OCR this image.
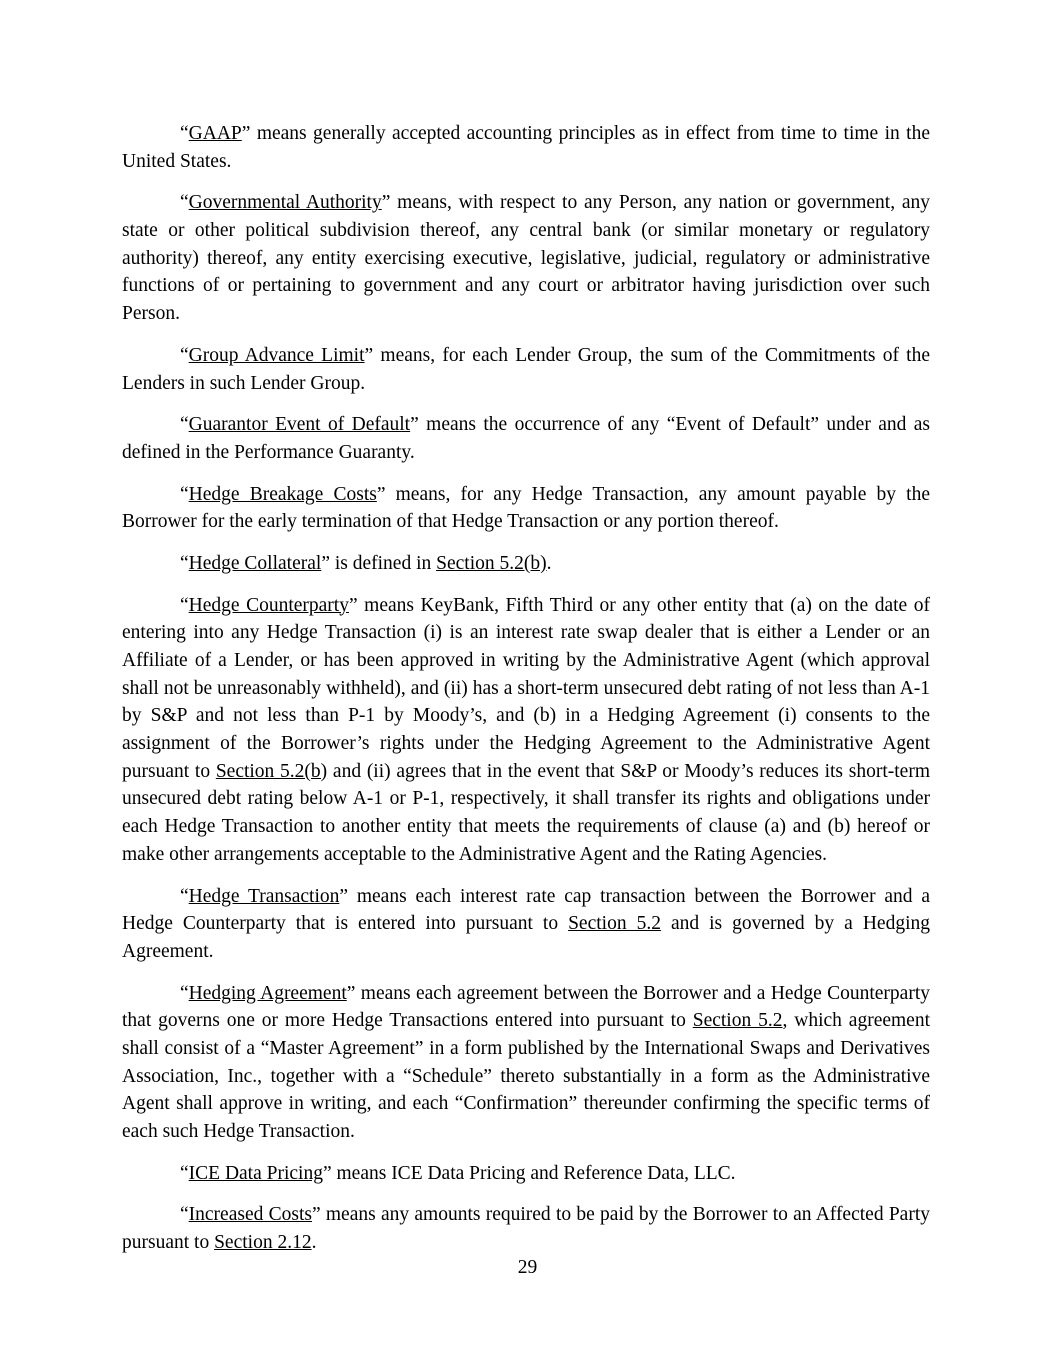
“GAAP” means generally accepted accounting principles as in effect from time to time in the United States.

“Governmental Authority” means, with respect to any Person, any nation or government, any state or other political subdivision thereof, any central bank (or similar monetary or regulatory authority) thereof, any entity exercising executive, legislative, judicial, regulatory or administrative functions of or pertaining to government and any court or arbitrator having jurisdiction over such Person.

“Group Advance Limit” means, for each Lender Group, the sum of the Commitments of the Lenders in such Lender Group.

“Guarantor Event of Default” means the occurrence of any “Event of Default” under and as defined in the Performance Guaranty.

“Hedge Breakage Costs” means, for any Hedge Transaction, any amount payable by the Borrower for the early termination of that Hedge Transaction or any portion thereof.

“Hedge Collateral” is defined in Section 5.2(b).

“Hedge Counterparty” means KeyBank, Fifth Third or any other entity that (a) on the date of entering into any Hedge Transaction (i) is an interest rate swap dealer that is either a Lender or an Affiliate of a Lender, or has been approved in writing by the Administrative Agent (which approval shall not be unreasonably withheld), and (ii) has a short-term unsecured debt rating of not less than A-1 by S&P and not less than P-1 by Moody’s, and (b) in a Hedging Agreement (i) consents to the assignment of the Borrower’s rights under the Hedging Agreement to the Administrative Agent pursuant to Section 5.2(b) and (ii) agrees that in the event that S&P or Moody’s reduces its short-term unsecured debt rating below A-1 or P-1, respectively, it shall transfer its rights and obligations under each Hedge Transaction to another entity that meets the requirements of clause (a) and (b) hereof or make other arrangements acceptable to the Administrative Agent and the Rating Agencies.

“Hedge Transaction” means each interest rate cap transaction between the Borrower and a Hedge Counterparty that is entered into pursuant to Section 5.2 and is governed by a Hedging Agreement.

“Hedging Agreement” means each agreement between the Borrower and a Hedge Counterparty that governs one or more Hedge Transactions entered into pursuant to Section 5.2, which agreement shall consist of a “Master Agreement” in a form published by the International Swaps and Derivatives Association, Inc., together with a “Schedule” thereto substantially in a form as the Administrative Agent shall approve in writing, and each “Confirmation” thereunder confirming the specific terms of each such Hedge Transaction.

“ICE Data Pricing” means ICE Data Pricing and Reference Data, LLC.

“Increased Costs” means any amounts required to be paid by the Borrower to an Affected Party pursuant to Section 2.12.

29
